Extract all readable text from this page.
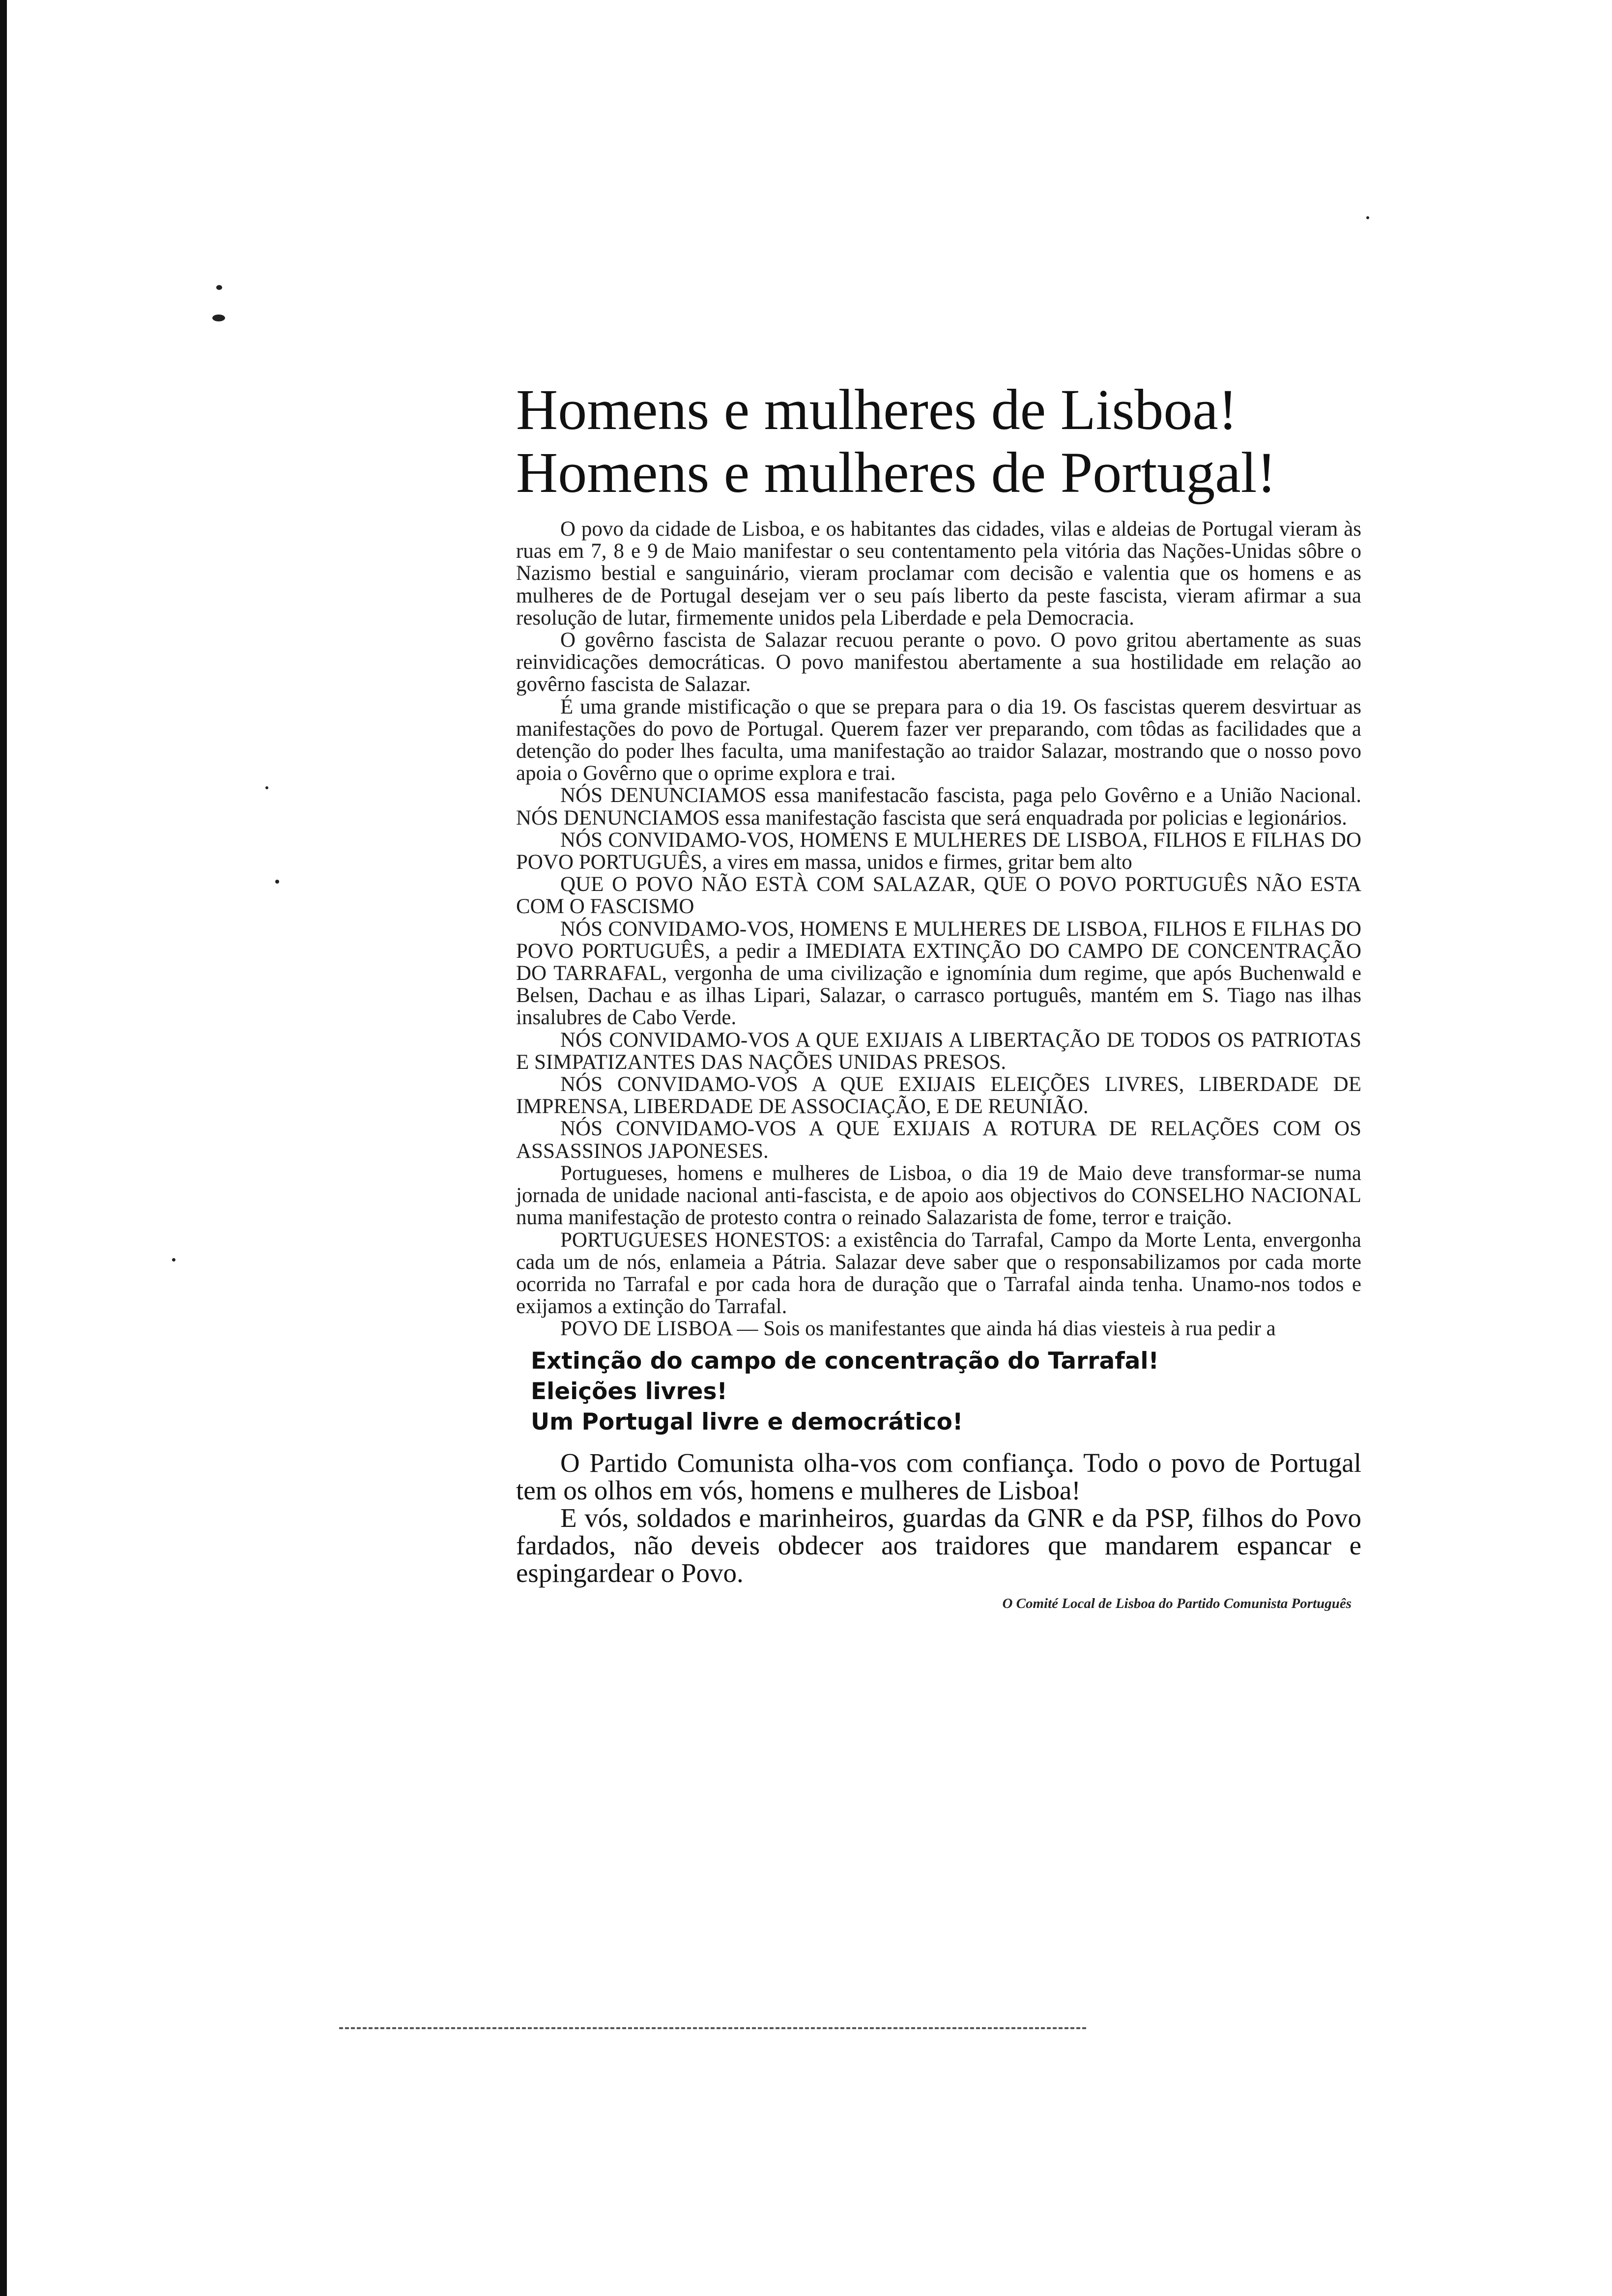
Homens e mulheres de Lisboa!
Homens e mulheres de Portugal!

O povo da cidade de Lisboa, e os habitantes das cidades, vilas e aldeias de Portugal vieram às ruas em 7, 8 e 9 de Maio manifestar o seu contentamento pela vitória das Nações-Unidas sôbre o Nazismo bestial e sanguinário, vieram proclamar com decisão e valentia que os homens e as mulheres de de Portugal desejam ver o seu país liberto da peste fascista, vieram afirmar a sua resolução de lutar, firmemente unidos pela Liberdade e pela Democracia.

O govêrno fascista de Salazar recuou perante o povo. O povo gritou abertamente as suas reinvidicações democráticas. O povo manifestou abertamente a sua hostilidade em relação ao govêrno fascista de Salazar.

É uma grande mistificação o que se prepara para o dia 19. Os fascistas querem desvirtuar as manifestações do povo de Portugal. Querem fazer ver preparando, com tôdas as facilidades que a detenção do poder lhes faculta, uma manifestação ao traidor Salazar, mostrando que o nosso povo apoia o Govêrno que o oprime explora e trai.

NÓS DENUNCIAMOS essa manifestacão fascista, paga pelo Govêrno e a União Nacional. NÓS DENUNCIAMOS essa manifestação fascista que será enquadrada por policias e legionários.

NÓS CONVIDAMO-VOS, HOMENS E MULHERES DE LISBOA, FILHOS E FILHAS DO POVO PORTUGUÊS, a vires em massa, unidos e firmes, gritar bem alto

QUE O POVO NÃO ESTÀ COM SALAZAR, QUE O POVO PORTUGUÊS NÃO ESTA COM O FASCISMO

NÓS CONVIDAMO-VOS, HOMENS E MULHERES DE LISBOA, FILHOS E FILHAS DO POVO PORTUGUÊS, a pedir a IMEDIATA EXTINÇÃO DO CAMPO DE CONCENTRAÇÃO DO TARRAFAL, vergonha de uma civilização e ignomínia dum regime, que após Buchenwald e Belsen, Dachau e as ilhas Lipari, Salazar, o carrasco português, mantém em S. Tiago nas ilhas insalubres de Cabo Verde.

NÓS CONVIDAMO-VOS A QUE EXIJAIS A LIBERTAÇÃO DE TODOS OS PATRIOTAS E SIMPATIZANTES DAS NAÇÕES UNIDAS PRESOS.

NÓS CONVIDAMO-VOS A QUE EXIJAIS ELEIÇÕES LIVRES, LIBERDADE DE IMPRENSA, LIBERDADE DE ASSOCIAÇÃO, E DE REUNIÃO.

NÓS CONVIDAMO-VOS A QUE EXIJAIS A ROTURA DE RELAÇÕES COM OS ASSASSINOS JAPONESES.

Portugueses, homens e mulheres de Lisboa, o dia 19 de Maio deve transformar-se numa jornada de unidade nacional anti-fascista, e de apoio aos objectivos do CONSELHO NACIONAL numa manifestação de protesto contra o reinado Salazarista de fome, terror e traição.

PORTUGUESES HONESTOS: a existência do Tarrafal, Campo da Morte Lenta, envergonha cada um de nós, enlameia a Pátria. Salazar deve saber que o responsabilizamos por cada morte ocorrida no Tarrafal e por cada hora de duração que o Tarrafal ainda tenha. Unamo-nos todos e exijamos a extinção do Tarrafal.

POVO DE LISBOA — Sois os manifestantes que ainda há dias viesteis à rua pedir a

Extinção do campo de concentração do Tarrafal!
Eleições livres!
Um Portugal livre e democrático!

O Partido Comunista olha-vos com confiança. Todo o povo de Portugal tem os olhos em vós, homens e mulheres de Lisboa!

E vós, soldados e marinheiros, guardas da GNR e da PSP, filhos do Povo fardados, não deveis obdecer aos traidores que mandarem espancar e espingardear o Povo.

O Comité Local de Lisboa do Partido Comunista Português
